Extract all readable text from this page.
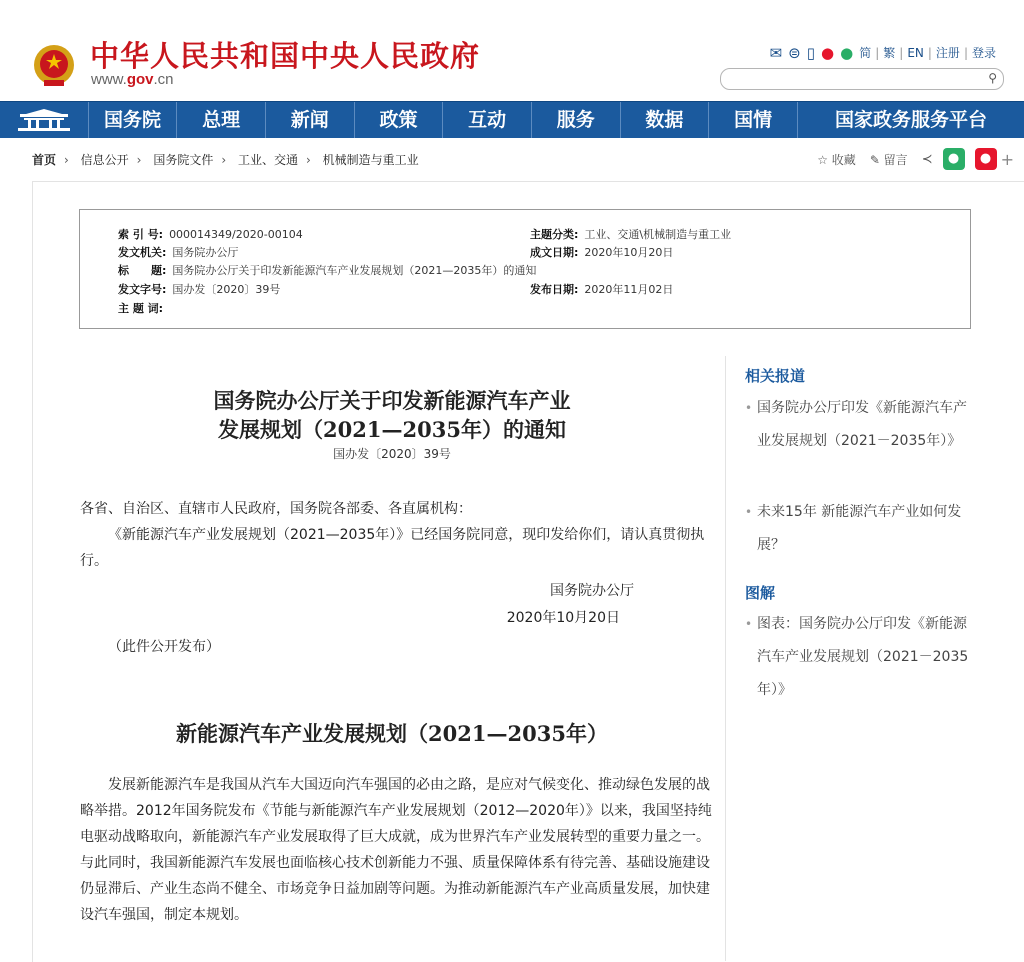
中华人民共和国中央人民政府
www.gov.cn
✉ ⊜ ▯ ● ● 简 | 繁 | EN | 注册 | 登录
⚲
国务院	总理	新闻	政策	互动	服务	数据	国情	国家政务服务平台
首页 › 信息公开 › 国务院文件 › 工业、交通 › 机械制造与重工业	☆ 收藏 ✎ 留言 ≺	●	● +
索 引 号: 000014349/2020-00104	主题分类: 工业、交通\机械制造与重工业
发文机关: 国务院办公厅	成文日期: 2020年10月20日
标　　题: 国务院办公厅关于印发新能源汽车产业发展规划（2021—2035年）的通知
发文字号: 国办发〔2020〕39号	发布日期: 2020年11月02日
主 题 词:
国务院办公厅关于印发新能源汽车产业
发展规划（2021—2035年）的通知
国办发〔2020〕39号
各省、自治区、直辖市人民政府，国务院各部委、各直属机构：
《新能源汽车产业发展规划（2021—2035年）》已经国务院同意，现印发给你们，请认真贯彻执行。
国务院办公厅
2020年10月20日
（此件公开发布）
新能源汽车产业发展规划（2021—2035年）
发展新能源汽车是我国从汽车大国迈向汽车强国的必由之路，是应对气候变化、推动绿色发展的战略举措。2012年国务院发布《节能与新能源汽车产业发展规划（2012—2020年）》以来，我国坚持纯电驱动战略取向，新能源汽车产业发展取得了巨大成就，成为世界汽车产业发展转型的重要力量之一。与此同时，我国新能源汽车发展也面临核心技术创新能力不强、质量保障体系有待完善、基础设施建设仍显滞后、产业生态尚不健全、市场竞争日益加剧等问题。为推动新能源汽车产业高质量发展，加快建设汽车强国，制定本规划。
相关报道
• 国务院办公厅印发《新能源汽车产业发展规划（2021－2035年）》
• 未来15年 新能源汽车产业如何发展？
图解
• 图表：国务院办公厅印发《新能源汽车产业发展规划（2021－2035年）》
